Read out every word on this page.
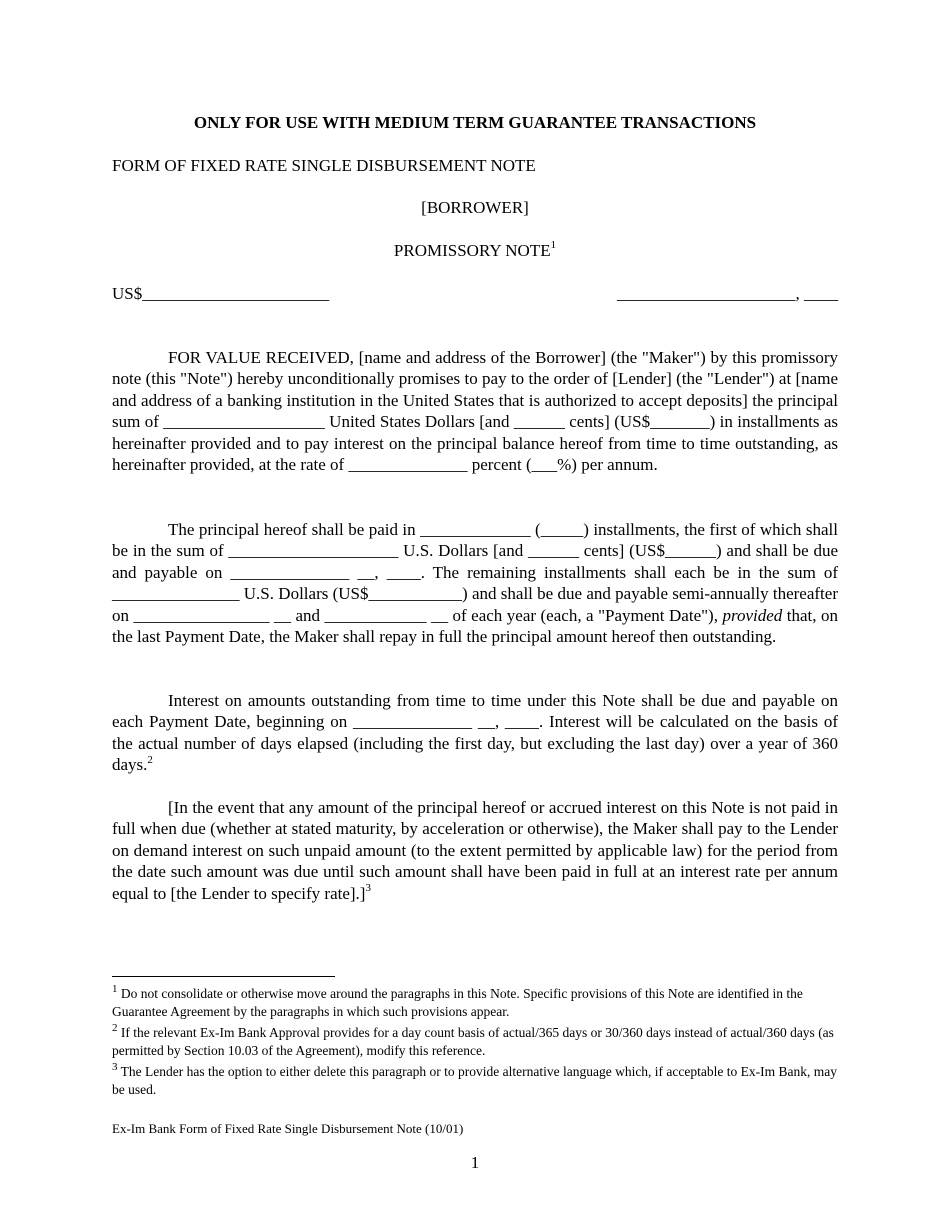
ONLY FOR USE WITH MEDIUM TERM GUARANTEE TRANSACTIONS
FORM OF FIXED RATE SINGLE DISBURSEMENT NOTE
[BORROWER]
PROMISSORY NOTE$^1$
US$______________________	_____________________, ____

FOR VALUE RECEIVED, [name and address of the Borrower] (the "Maker") by this promissory note (this "Note") hereby unconditionally promises to pay to the order of [Lender] (the "Lender") at [name and address of a banking institution in the United States that is authorized to accept deposits] the principal sum of ___________________ United States Dollars [and ______ cents] (US$_______) in installments as hereinafter provided and to pay interest on the principal balance hereof from time to time outstanding, as hereinafter provided, at the rate of ______________ percent (___%) per annum.

The principal hereof shall be paid in _____________ (_____) installments, the first of which shall be in the sum of ____________________ U.S. Dollars [and ______ cents] (US$______) and shall be due and payable on ______________ __, ____. The remaining installments shall each be in the sum of _______________ U.S. Dollars (US$___________) and shall be due and payable semi-annually thereafter on ________________ __ and ____________ __ of each year (each, a "Payment Date"), provided that, on the last Payment Date, the Maker shall repay in full the principal amount hereof then outstanding.

Interest on amounts outstanding from time to time under this Note shall be due and payable on each Payment Date, beginning on ______________ __, ____. Interest will be calculated on the basis of the actual number of days elapsed (including the first day, but excluding the last day) over a year of 360 days.$^2$

[In the event that any amount of the principal hereof or accrued interest on this Note is not paid in full when due (whether at stated maturity, by acceleration or otherwise), the Maker shall pay to the Lender on demand interest on such unpaid amount (to the extent permitted by applicable law) for the period from the date such amount was due until such amount shall have been paid in full at an interest rate per annum equal to [the Lender to specify rate].]$^3$

$^1$ Do not consolidate or otherwise move around the paragraphs in this Note. Specific provisions of this Note are identified in the Guarantee Agreement by the paragraphs in which such provisions appear.

$^2$ If the relevant Ex-Im Bank Approval provides for a day count basis of actual/365 days or 30/360 days instead of actual/360 days (as permitted by Section 10.03 of the Agreement), modify this reference.

$^3$ The Lender has the option to either delete this paragraph or to provide alternative language which, if acceptable to Ex-Im Bank, may be used.

Ex-Im Bank Form of Fixed Rate Single Disbursement Note (10/01)
1
